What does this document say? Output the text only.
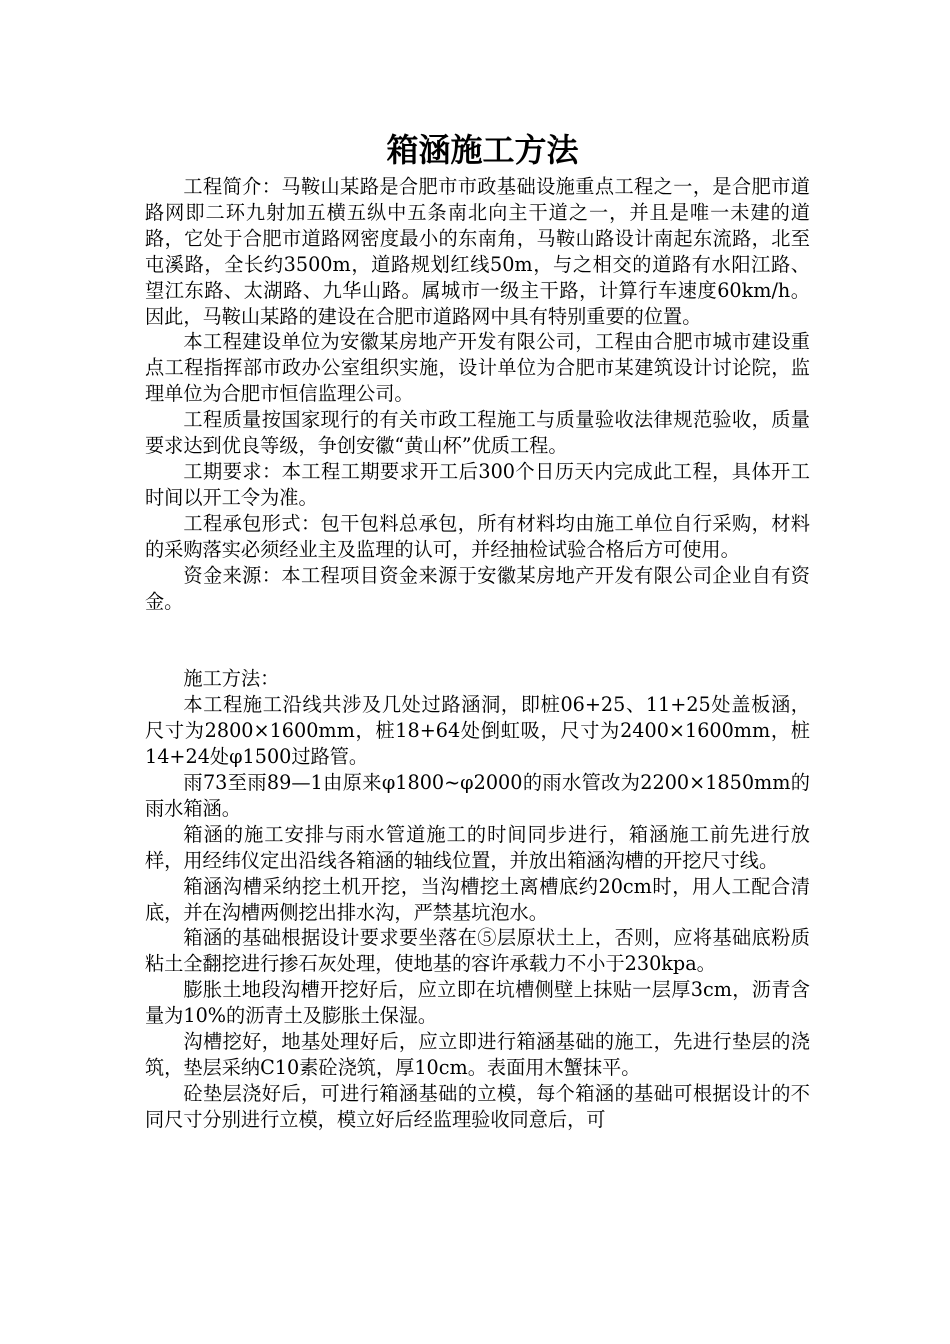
箱涵施工方法

工程简介：马鞍山某路是合肥市市政基础设施重点工程之一，是合肥市道路网即二环九射加五横五纵中五条南北向主干道之一，并且是唯一未建的道路，它处于合肥市道路网密度最小的东南角，马鞍山路设计南起东流路，北至屯溪路，全长约3500m，道路规划红线50m，与之相交的道路有水阳江路、望江东路、太湖路、九华山路。属城市一级主干路，计算行车速度60km/h。因此，马鞍山某路的建设在合肥市道路网中具有特别重要的位置。

本工程建设单位为安徽某房地产开发有限公司，工程由合肥市城市建设重点工程指挥部市政办公室组织实施，设计单位为合肥市某建筑设计讨论院，监理单位为合肥市恒信监理公司。

工程质量按国家现行的有关市政工程施工与质量验收法律规范验收，质量要求达到优良等级，争创安徽“黄山杯”优质工程。

工期要求：本工程工期要求开工后300个日历天内完成此工程，具体开工时间以开工令为准。

工程承包形式：包干包料总承包，所有材料均由施工单位自行采购，材料的采购落实必须经业主及监理的认可，并经抽检试验合格后方可使用。

资金来源：本工程项目资金来源于安徽某房地产开发有限公司企业自有资金。

施工方法：

本工程施工沿线共涉及几处过路涵洞，即桩06+25、11+25处盖板涵，尺寸为2800×1600mm，桩18+64处倒虹吸，尺寸为2400×1600mm，桩14+24处φ1500过路管。

雨73至雨89—1由原来φ1800~φ2000的雨水管改为2200×1850mm的雨水箱涵。

箱涵的施工安排与雨水管道施工的时间同步进行，箱涵施工前先进行放样，用经纬仪定出沿线各箱涵的轴线位置，并放出箱涵沟槽的开挖尺寸线。

箱涵沟槽采纳挖土机开挖，当沟槽挖土离槽底约20cm时，用人工配合清底，并在沟槽两侧挖出排水沟，严禁基坑泡水。

箱涵的基础根据设计要求要坐落在⑤层原状土上，否则，应将基础底粉质粘土全翻挖进行掺石灰处理，使地基的容许承载力不小于230kpa。

膨胀土地段沟槽开挖好后，应立即在坑槽侧壁上抹贴一层厚3cm，沥青含量为10%的沥青土及膨胀土保湿。

沟槽挖好，地基处理好后，应立即进行箱涵基础的施工，先进行垫层的浇筑，垫层采纳C10素砼浇筑，厚10cm。表面用木蟹抹平。

砼垫层浇好后，可进行箱涵基础的立模，每个箱涵的基础可根据设计的不同尺寸分别进行立模，模立好后经监理验收同意后，可
